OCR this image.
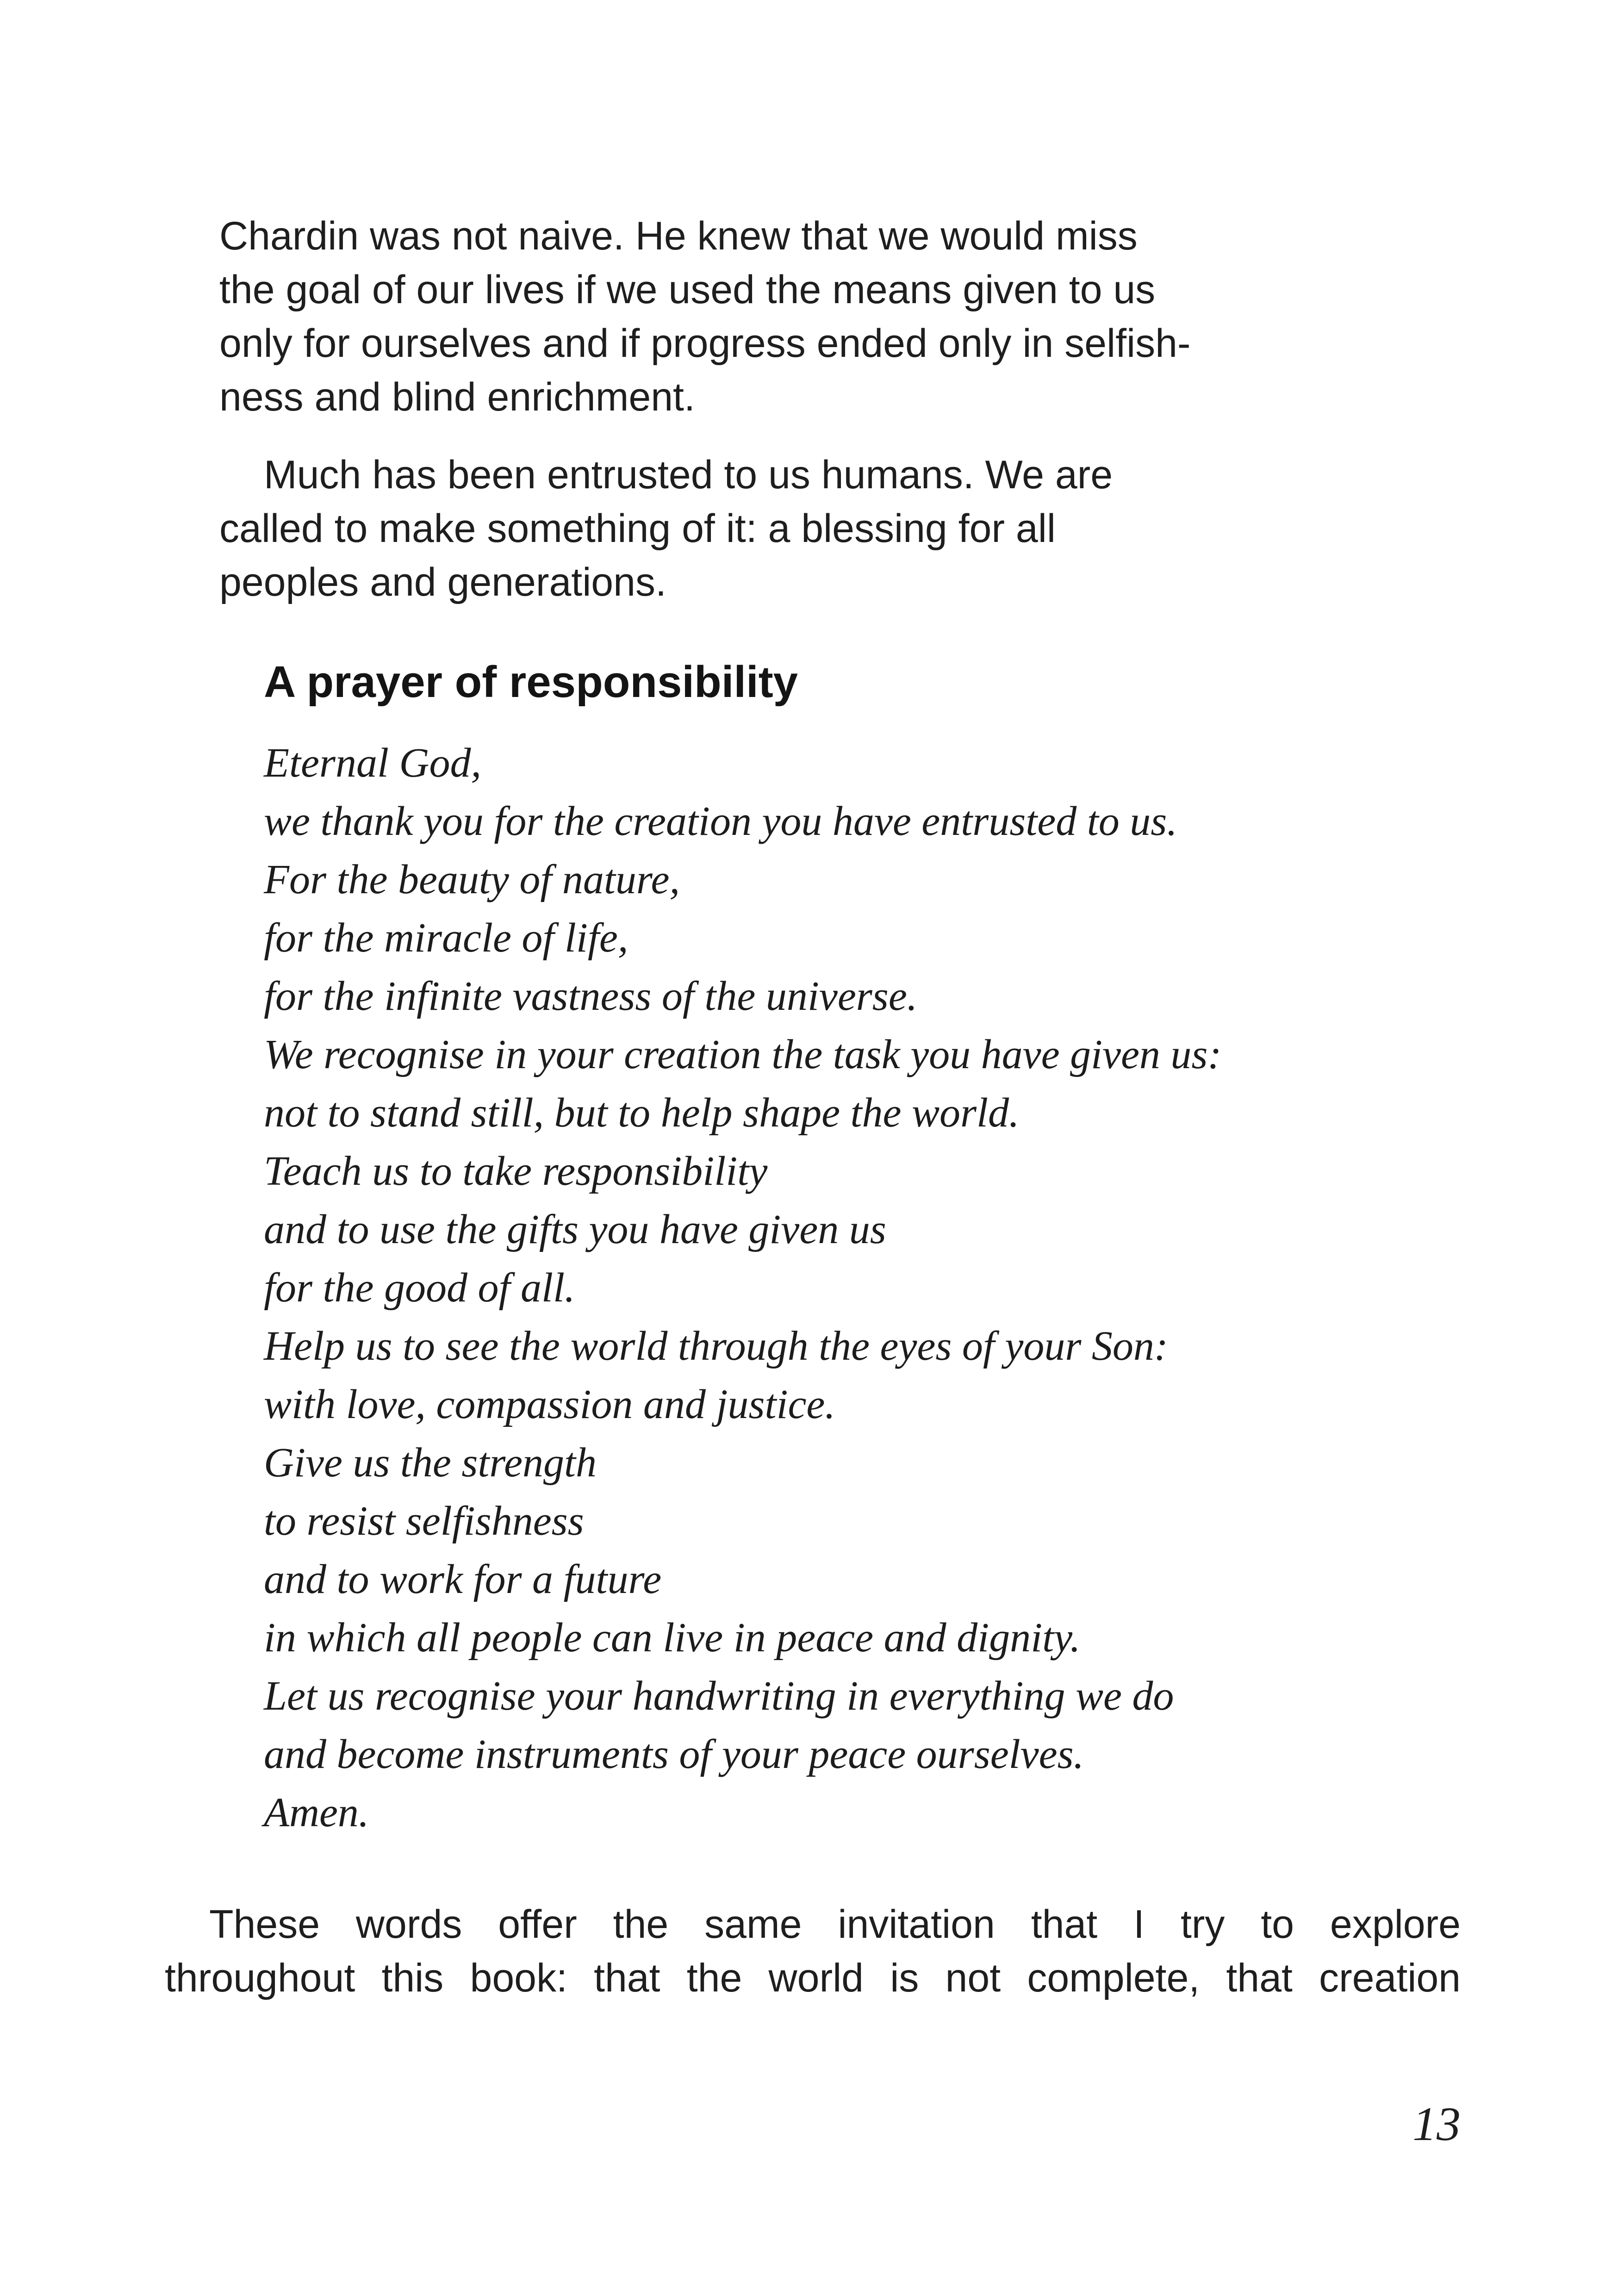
Chardin was not naive. He knew that we would miss
the goal of our lives if we used the means given to us
only for ourselves and if progress ended only in selfish-
ness and blind enrichment.
Much has been entrusted to us humans. We are
called to make something of it: a blessing for all
peoples and generations.
A prayer of responsibility
Eternal God,
we thank you for the creation you have entrusted to us.
For the beauty of nature,
for the miracle of life,
for the infinite vastness of the universe.
We recognise in your creation the task you have given us:
not to stand still, but to help shape the world.
Teach us to take responsibility
and to use the gifts you have given us
for the good of all.
Help us to see the world through the eyes of your Son:
with love, compassion and justice.
Give us the strength
to resist selfishness
and to work for a future
in which all people can live in peace and dignity.
Let us recognise your handwriting in everything we do
and become instruments of your peace ourselves.
Amen.
These words offer the same invitation that I try to explore
throughout this book: that the world is not complete, that creation
13
